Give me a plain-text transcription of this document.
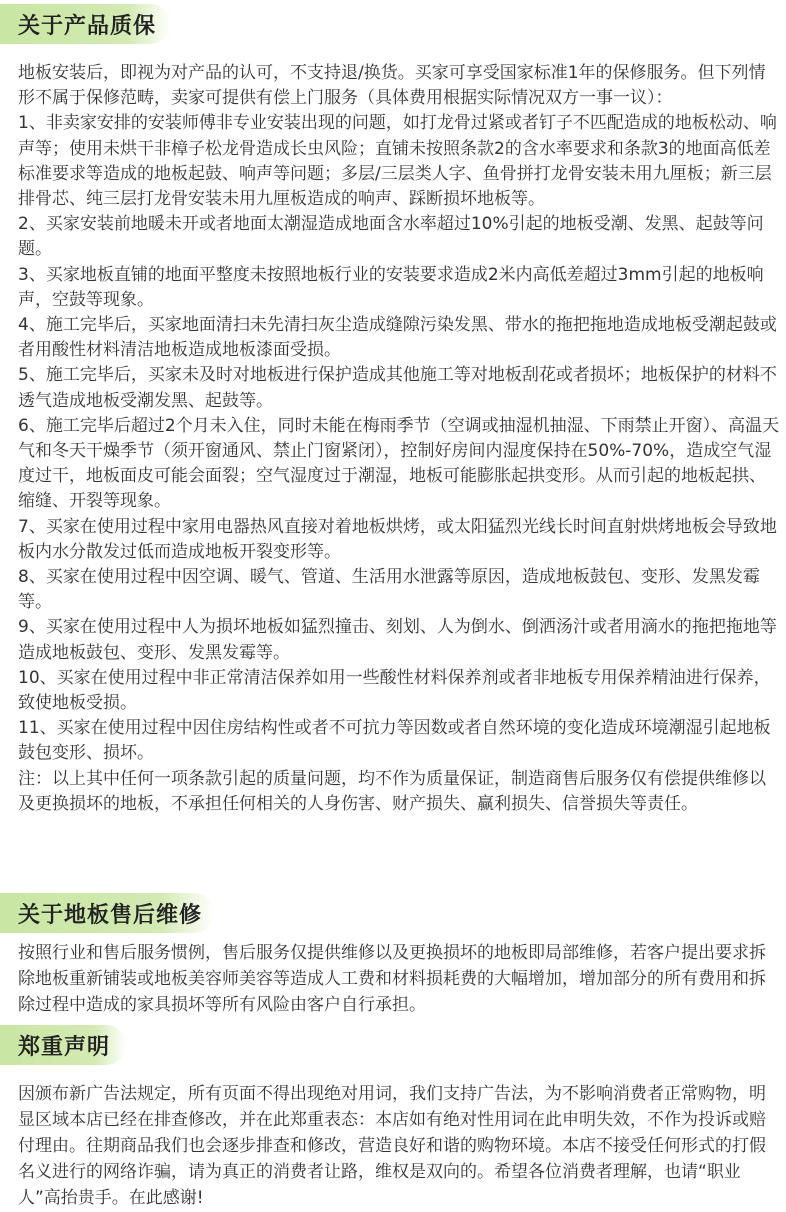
关于产品质保

地板安装后，即视为对产品的认可，不支持退/换货。买家可享受国家标准1年的保修服务。但下列情形不属于保修范畴，卖家可提供有偿上门服务（具体费用根据实际情况双方一事一议）：

1、非卖家安排的安装师傅非专业安装出现的问题，如打龙骨过紧或者钉子不匹配造成的地板松动、响声等；使用未烘干非樟子松龙骨造成长虫风险；直铺未按照条款2的含水率要求和条款3的地面高低差标准要求等造成的地板起鼓、响声等问题；多层/三层类人字、鱼骨拼打龙骨安装未用九厘板；新三层排骨芯、纯三层打龙骨安装未用九厘板造成的响声、踩断损坏地板等。

2、买家安装前地暖未开或者地面太潮湿造成地面含水率超过10%引起的地板受潮、发黑、起鼓等问题。

3、买家地板直铺的地面平整度未按照地板行业的安装要求造成2米内高低差超过3mm引起的地板响声，空鼓等现象。

4、施工完毕后，买家地面清扫未先清扫灰尘造成缝隙污染发黑、带水的拖把拖地造成地板受潮起鼓或者用酸性材料清洁地板造成地板漆面受损。

5、施工完毕后，买家未及时对地板进行保护造成其他施工等对地板刮花或者损坏；地板保护的材料不透气造成地板受潮发黑、起鼓等。

6、施工完毕后超过2个月未入住，同时未能在梅雨季节（空调或抽湿机抽湿、下雨禁止开窗）、高温天气和冬天干燥季节（须开窗通风、禁止门窗紧闭），控制好房间内湿度保持在50%-70%，造成空气湿度过干，地板面皮可能会面裂；空气湿度过于潮湿，地板可能膨胀起拱变形。从而引起的地板起拱、缩缝、开裂等现象。

7、买家在使用过程中家用电器热风直接对着地板烘烤，或太阳猛烈光线长时间直射烘烤地板会导致地板内水分散发过低而造成地板开裂变形等。

8、买家在使用过程中因空调、暖气、管道、生活用水泄露等原因，造成地板鼓包、变形、发黑发霉等。

9、买家在使用过程中人为损坏地板如猛烈撞击、刻划、人为倒水、倒洒汤汁或者用滴水的拖把拖地等造成地板鼓包、变形、发黑发霉等。

10、买家在使用过程中非正常清洁保养如用一些酸性材料保养剂或者非地板专用保养精油进行保养，致使地板受损。

11、买家在使用过程中因住房结构性或者不可抗力等因数或者自然环境的变化造成环境潮湿引起地板鼓包变形、损坏。

注：以上其中任何一项条款引起的质量问题，均不作为质量保证，制造商售后服务仅有偿提供维修以及更换损坏的地板，不承担任何相关的人身伤害、财产损失、赢利损失、信誉损失等责任。

关于地板售后维修

按照行业和售后服务惯例，售后服务仅提供维修以及更换损坏的地板即局部维修，若客户提出要求拆除地板重新铺装或地板美容师美容等造成人工费和材料损耗费的大幅增加，增加部分的所有费用和拆除过程中造成的家具损坏等所有风险由客户自行承担。

郑重声明

因颁布新广告法规定，所有页面不得出现绝对用词，我们支持广告法，为不影响消费者正常购物，明显区域本店已经在排查修改，并在此郑重表态：本店如有绝对性用词在此申明失效，不作为投诉或赔付理由。往期商品我们也会逐步排查和修改，营造良好和谐的购物环境。本店不接受任何形式的打假名义进行的网络诈骗，请为真正的消费者让路，维权是双向的。希望各位消费者理解，也请“职业人”高抬贵手。在此感谢!
